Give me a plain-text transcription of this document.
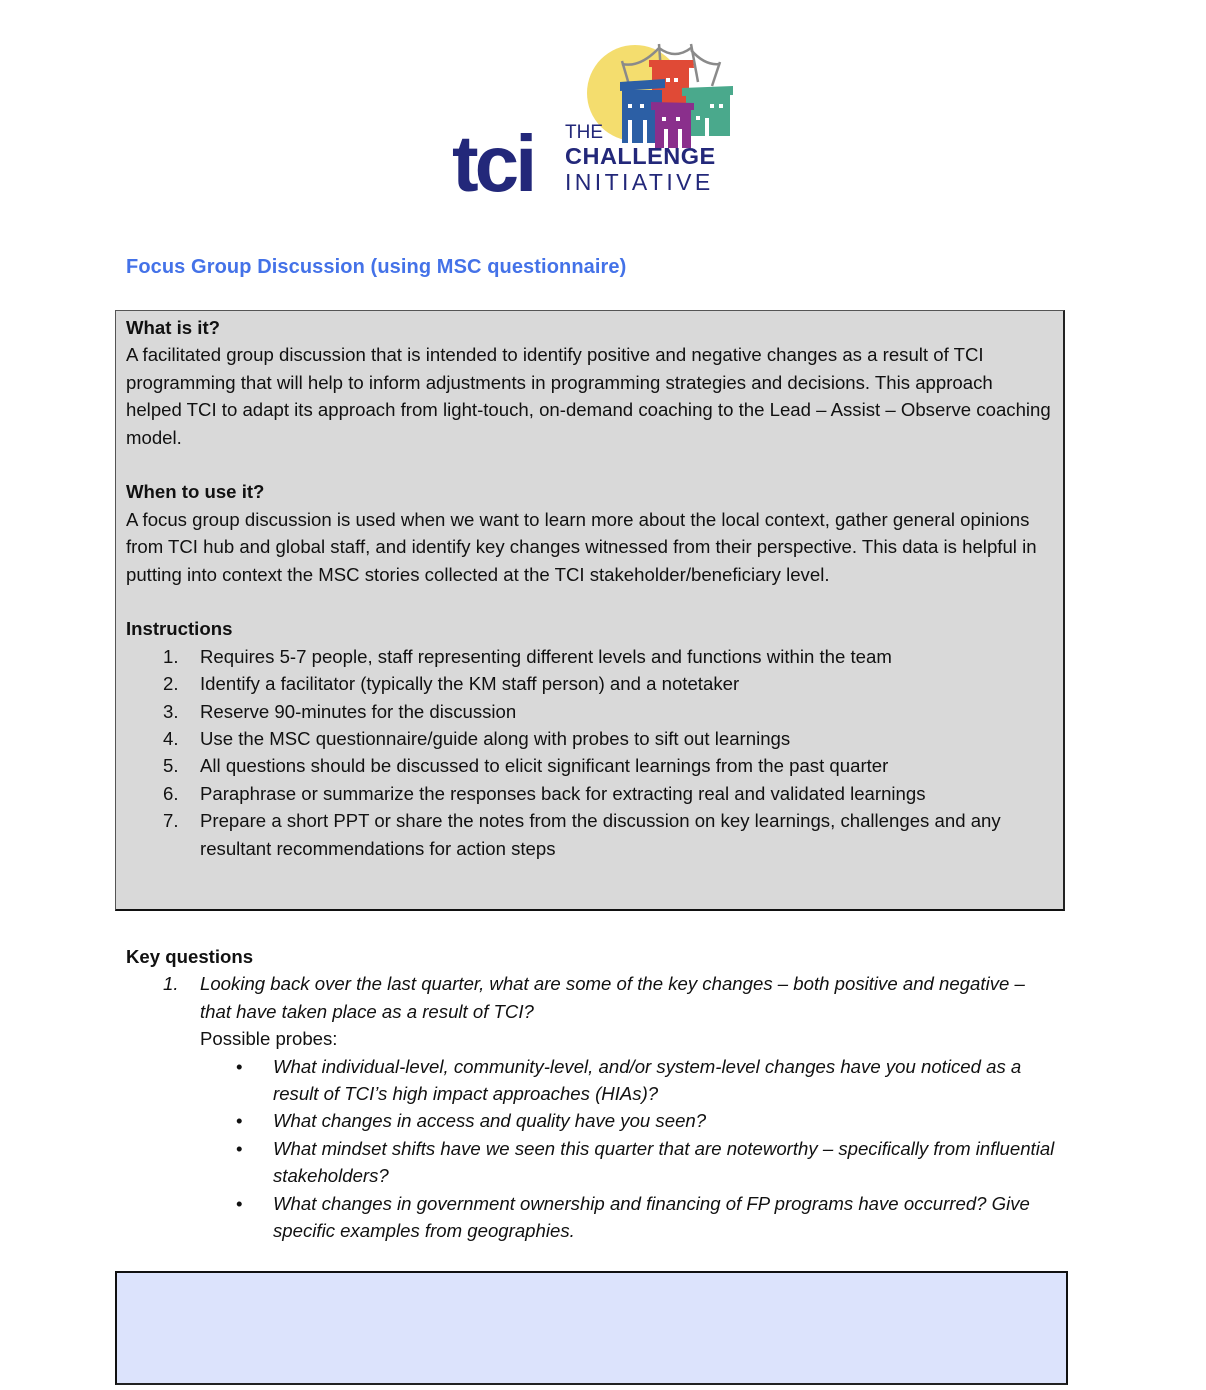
tci THE
CHALLENGE
INITIATIVE
Focus Group Discussion (using MSC questionnaire)

What is it?

A facilitated group discussion that is intended to identify positive and negative changes as a result of TCI programming that will help to inform adjustments in programming strategies and decisions. This approach helped TCI to adapt its approach from light-touch, on-demand coaching to the Lead – Assist – Observe coaching model.

When to use it?

A focus group discussion is used when we want to learn more about the local context, gather general opinions from TCI hub and global staff, and identify key changes witnessed from their perspective. This data is helpful in putting into context the MSC stories collected at the TCI stakeholder/beneficiary level.

Instructions

1.	Requires 5-7 people, staff representing different levels and functions within the team
2.	Identify a facilitator (typically the KM staff person) and a notetaker
3.	Reserve 90-minutes for the discussion
4.	Use the MSC questionnaire/guide along with probes to sift out learnings
5.	All questions should be discussed to elicit significant learnings from the past quarter
6.	Paraphrase or summarize the responses back for extracting real and validated learnings
7.	Prepare a short PPT or share the notes from the discussion on key learnings, challenges and any resultant recommendations for action steps

Key questions

1.	Looking back over the last quarter, what are some of the key changes – both positive and negative – that have taken place as a result of TCI?
Possible probes:
•	What individual-level, community-level, and/or system-level changes have you noticed as a result of TCI’s high impact approaches (HIAs)?
•	What changes in access and quality have you seen?
•	What mindset shifts have we seen this quarter that are noteworthy – specifically from influential stakeholders?
•	What changes in government ownership and financing of FP programs have occurred? Give specific examples from geographies.
